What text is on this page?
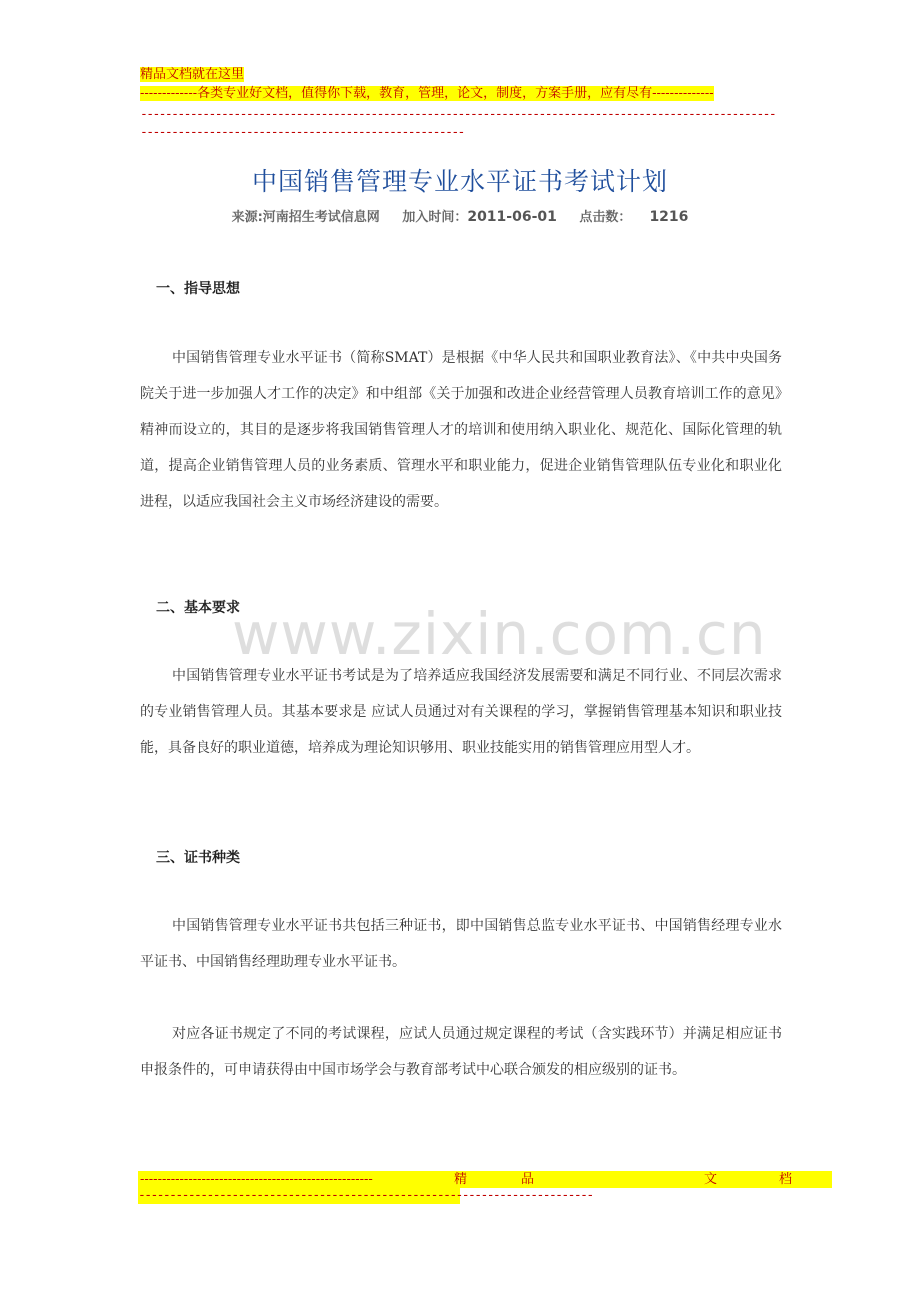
精品文档就在这里
-------------各类专业好文档，值得你下载，教育，管理，论文，制度，方案手册，应有尽有--------------
----------------------------------------------------------------------------------------------------------------------------------------------------------
中国销售管理专业水平证书考试计划
来源:河南招生考试信息网 加入时间：2011-06-01 点击数： 1216
一、指导思想
中国销售管理专业水平证书（简称SMAT）是根据《中华人民共和国职业教育法》、《中共中央国务院关于进一步加强人才工作的决定》和中组部《关于加强和改进企业经营管理人员教育培训工作的意见》精神而设立的，其目的是逐步将我国销售管理人才的培训和使用纳入职业化、规范化、国际化管理的轨道，提高企业销售管理人员的业务素质、管理水平和职业能力，促进企业销售管理队伍专业化和职业化进程，以适应我国社会主义市场经济建设的需要。
www.zixin.com.cn
二、基本要求
中国销售管理专业水平证书考试是为了培养适应我国经济发展需要和满足不同行业、不同层次需求的专业销售管理人员。其基本要求是 应试人员通过对有关课程的学习，掌握销售管理基本知识和职业技能，具备良好的职业道德，培养成为理论知识够用、职业技能实用的销售管理应用型人才。
三、证书种类
中国销售管理专业水平证书共包括三种证书，即中国销售总监专业水平证书、中国销售经理专业水平证书、中国销售经理助理专业水平证书。
对应各证书规定了不同的考试课程，应试人员通过规定课程的考试（含实践环节）并满足相应证书申报条件的，可申请获得由中国市场学会与教育部考试中心联合颁发的相应级别的证书。
-----------------------------------------------------	精	品	文	档
-------------------------------------------------------------------------
